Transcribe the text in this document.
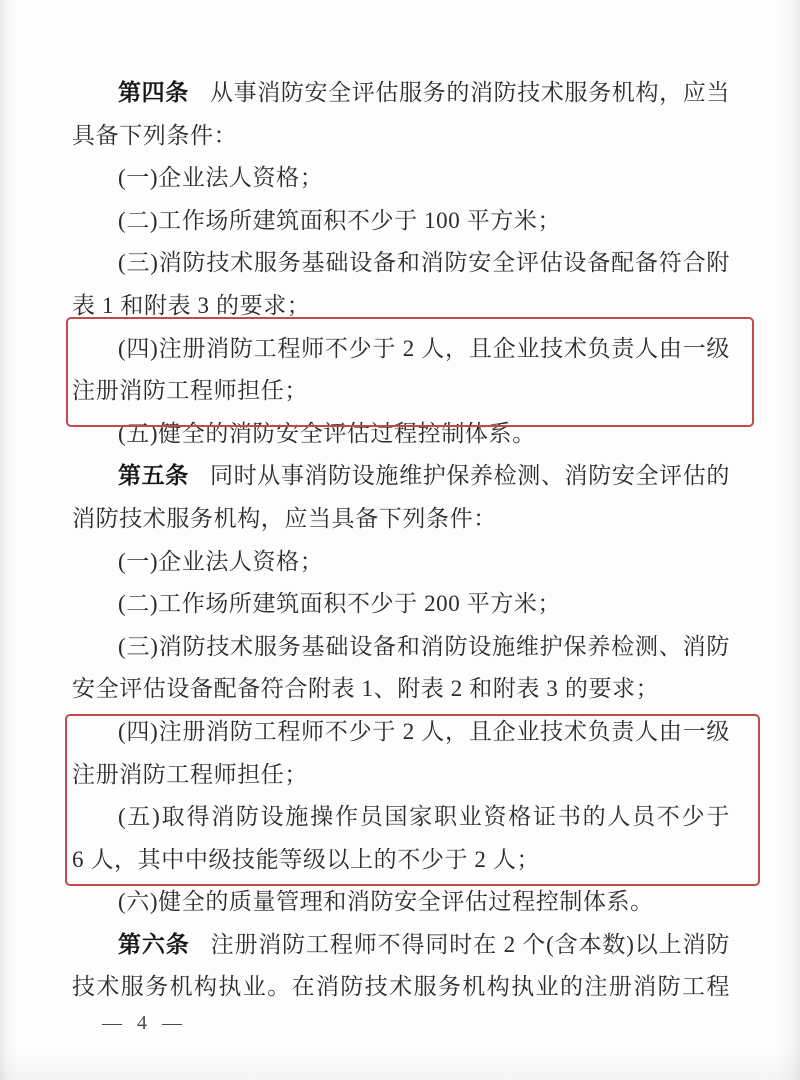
第四条 从事消防安全评估服务的消防技术服务机构，应当
具备下列条件：
(一)企业法人资格；
(二)工作场所建筑面积不少于 100 平方米；
(三)消防技术服务基础设备和消防安全评估设备配备符合附
表 1 和附表 3 的要求；
(四)注册消防工程师不少于 2 人，且企业技术负责人由一级
注册消防工程师担任；
(五)健全的消防安全评估过程控制体系。
第五条 同时从事消防设施维护保养检测、消防安全评估的
消防技术服务机构，应当具备下列条件：
(一)企业法人资格；
(二)工作场所建筑面积不少于 200 平方米；
(三)消防技术服务基础设备和消防设施维护保养检测、消防
安全评估设备配备符合附表 1、附表 2 和附表 3 的要求；
(四)注册消防工程师不少于 2 人，且企业技术负责人由一级
注册消防工程师担任；
(五)取得消防设施操作员国家职业资格证书的人员不少于
6 人，其中中级技能等级以上的不少于 2 人；
(六)健全的质量管理和消防安全评估过程控制体系。
第六条 注册消防工程师不得同时在 2 个(含本数)以上消防
技术服务机构执业。在消防技术服务机构执业的注册消防工程
— 4 —
